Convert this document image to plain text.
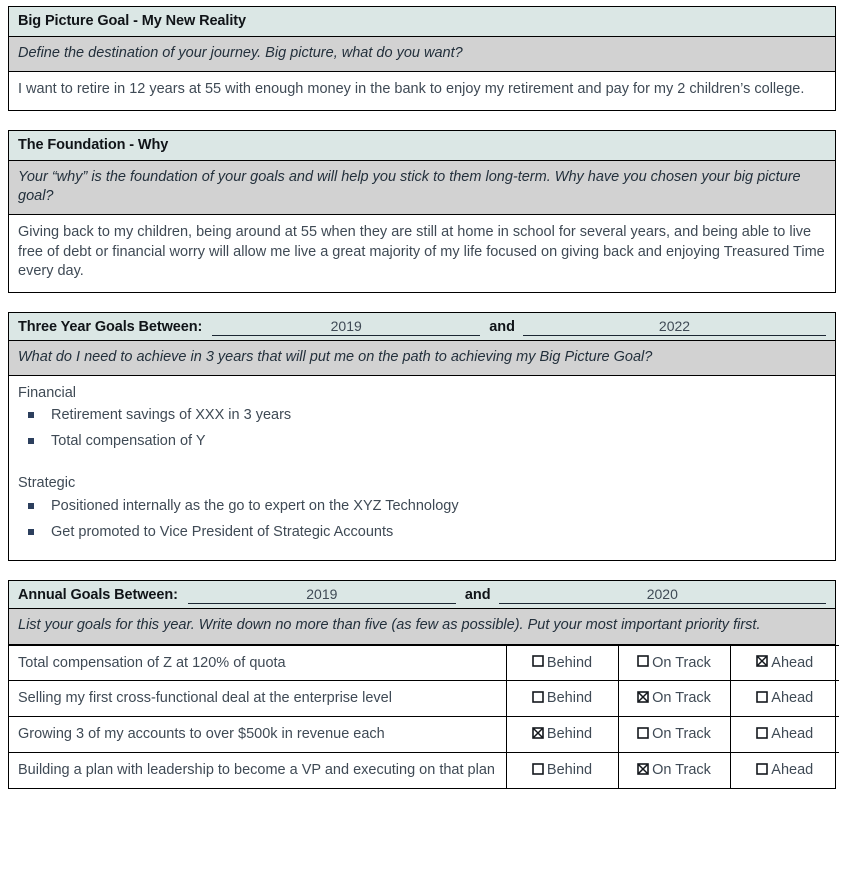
Big Picture Goal - My New Reality
Define the destination of your journey. Big picture, what do you want?
I want to retire in 12 years at 55 with enough money in the bank to enjoy my retirement and pay for my 2 children’s college.
The Foundation - Why
Your “why” is the foundation of your goals and will help you stick to them long-term. Why have you chosen your big picture goal?
Giving back to my children, being around at 55 when they are still at home in school for several years, and being able to live free of debt or financial worry will allow me live a great majority of my life focused on giving back and enjoying Treasured Time every day.
Three Year Goals Between:	2019	and	2022
What do I need to achieve in 3 years that will put me on the path to achieving my Big Picture Goal?
Financial
Retirement savings of XXX in 3 years
Total compensation of Y
Strategic
Positioned internally as the go to expert on the XYZ Technology
Get promoted to Vice President of Strategic Accounts
Annual Goals Between:	2019	and	2020
List your goals for this year. Write down no more than five (as few as possible). Put your most important priority first.
Total compensation of Z at 120% of quota	Behind	On Track	Ahead
Selling my first cross-functional deal at the enterprise level	Behind	On Track	Ahead
Growing 3 of my accounts to over $500k in revenue each	Behind	On Track	Ahead
Building a plan with leadership to become a VP and executing on that plan	Behind	On Track	Ahead
